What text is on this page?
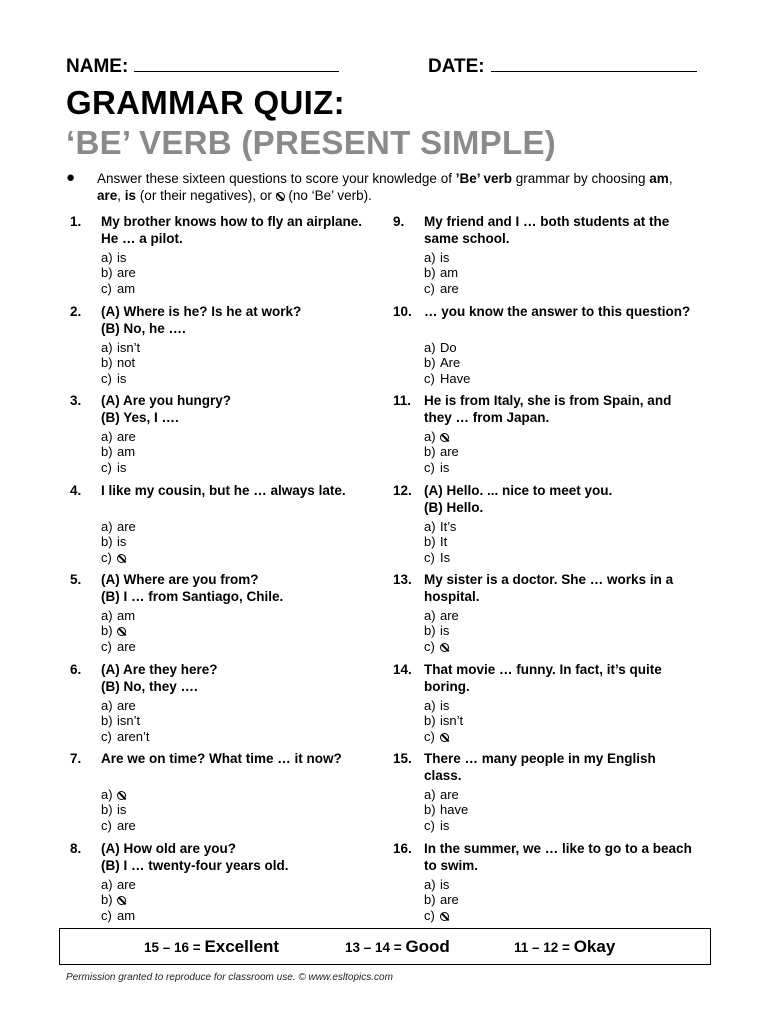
NAME:	DATE:
GRAMMAR QUIZ:
‘BE’ VERB (PRESENT SIMPLE)
● Answer these sixteen questions to score your knowledge of ’Be’ verb grammar by choosing am, are, is (or their negatives), or  (no ‘Be’ verb).
1. My brother knows how to fly an airplane. He … a pilot.
a) is
b) are
c) am
2. (A) Where is he? Is he at work?
(B) No, he ….
a) isn’t
b) not
c) is
3. (A) Are you hungry?
(B) Yes, I ….
a) are
b) am
c) is
4. I like my cousin, but he … always late.
a) are
b) is
c)
5. (A) Where are you from?
(B) I … from Santiago, Chile.
a) am
b)
c) are
6. (A) Are they here?
(B) No, they ….
a) are
b) isn’t
c) aren’t
7. Are we on time? What time … it now?
a)
b) is
c) are
8. (A) How old are you?
(B) I … twenty-four years old.
a) are
b)
c) am
9. My friend and I … both students at the same school.
a) is
b) am
c) are
10. … you know the answer to this question?
a) Do
b) Are
c) Have
11. He is from Italy, she is from Spain, and they … from Japan.
a)
b) are
c) is
12. (A) Hello. ... nice to meet you.
(B) Hello.
a) It’s
b) It
c) Is
13. My sister is a doctor. She … works in a hospital.
a) are
b) is
c)
14. That movie … funny. In fact, it’s quite boring.
a) is
b) isn’t
c)
15. There … many people in my English class.
a) are
b) have
c) is
16. In the summer, we … like to go to a beach to swim.
a) is
b) are
c)
15 – 16 = Excellent	13 – 14 = Good	11 – 12 = Okay
Permission granted to reproduce for classroom use. © www.esltopics.com
